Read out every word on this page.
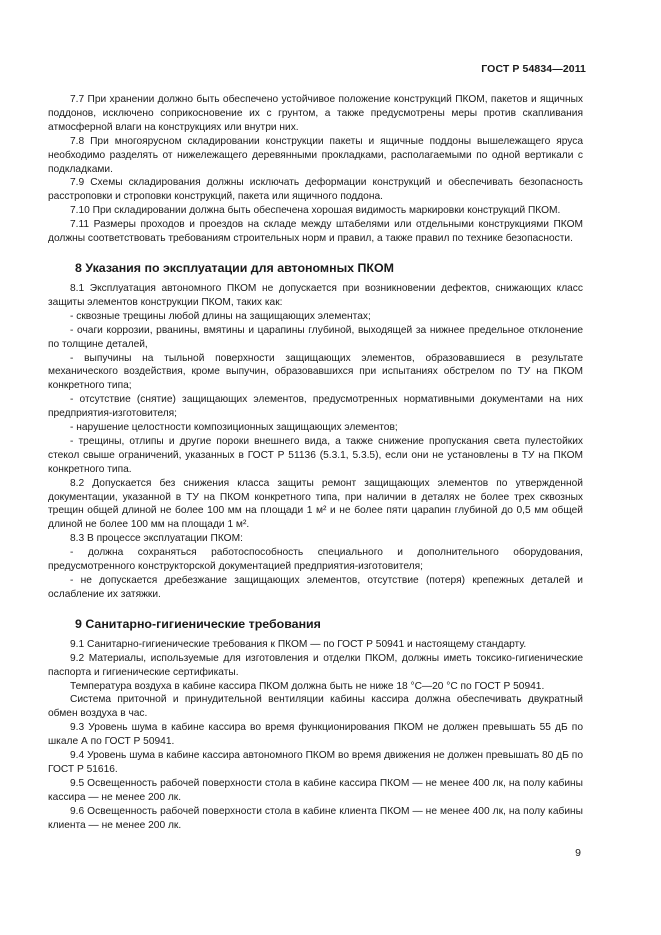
ГОСТ Р 54834—2011

7.7 При хранении должно быть обеспечено устойчивое положение конструкций ПКОМ, пакетов и ящичных поддонов, исключено соприкосновение их с грунтом, а также предусмотрены меры против скапливания атмосферной влаги на конструкциях или внутри них.

7.8 При многоярусном складировании конструкции пакеты и ящичные поддоны вышележащего яруса необходимо разделять от нижележащего деревянными прокладками, располагаемыми по одной вертикали с подкладками.

7.9 Схемы складирования должны исключать деформации конструкций и обеспечивать безопасность расстроповки и строповки конструкций, пакета или ящичного поддона.

7.10 При складировании должна быть обеспечена хорошая видимость маркировки конструкций ПКОМ.

7.11 Размеры проходов и проездов на складе между штабелями или отдельными конструкциями ПКОМ должны соответствовать требованиям строительных норм и правил, а также правил по технике безопасности.

8 Указания по эксплуатации для автономных ПКОМ

8.1 Эксплуатация автономного ПКОМ не допускается при возникновении дефектов, снижающих класс защиты элементов конструкции ПКОМ, таких как:

- сквозные трещины любой длины на защищающих элементах;

- очаги коррозии, рванины, вмятины и царапины глубиной, выходящей за нижнее предельное отклонение по толщине деталей,

- выпучины на тыльной поверхности защищающих элементов, образовавшиеся в результате механического воздействия, кроме выпучин, образовавшихся при испытаниях обстрелом по ТУ на ПКОМ конкретного типа;

- отсутствие (снятие) защищающих элементов, предусмотренных нормативными документами на них предприятия-изготовителя;

- нарушение целостности композиционных защищающих элементов;

- трещины, отлипы и другие пороки внешнего вида, а также снижение пропускания света пулестойких стекол свыше ограничений, указанных в ГОСТ Р 51136 (5.3.1, 5.3.5), если они не установлены в ТУ на ПКОМ конкретного типа.

8.2 Допускается без снижения класса защиты ремонт защищающих элементов по утвержденной документации, указанной в ТУ на ПКОМ конкретного типа, при наличии в деталях не более трех сквозных трещин общей длиной не более 100 мм на площади 1 м² и не более пяти царапин глубиной до 0,5 мм общей длиной не более 100 мм на площади 1 м².

8.3 В процессе эксплуатации ПКОМ:

- должна сохраняться работоспособность специального и дополнительного оборудования, предусмотренного конструкторской документацией предприятия-изготовителя;

- не допускается дребезжание защищающих элементов, отсутствие (потеря) крепежных деталей и ослабление их затяжки.

9 Санитарно-гигиенические требования

9.1 Санитарно-гигиенические требования к ПКОМ — по ГОСТ Р 50941 и настоящему стандарту.

9.2 Материалы, используемые для изготовления и отделки ПКОМ, должны иметь токсико-гигиенические паспорта и гигиенические сертификаты.

Температура воздуха в кабине кассира ПКОМ должна быть не ниже 18 °С—20 °С по ГОСТ Р 50941.

Система приточной и принудительной вентиляции кабины кассира должна обеспечивать двукратный обмен воздуха в час.

9.3 Уровень шума в кабине кассира во время функционирования ПКОМ не должен превышать 55 дБ по шкале А по ГОСТ Р 50941.

9.4 Уровень шума в кабине кассира автономного ПКОМ во время движения не должен превышать 80 дБ по ГОСТ Р 51616.

9.5 Освещенность рабочей поверхности стола в кабине кассира ПКОМ — не менее 400 лк, на полу кабины кассира — не менее 200 лк.

9.6 Освещенность рабочей поверхности стола в кабине клиента ПКОМ — не менее 400 лк, на полу кабины клиента — не менее 200 лк.

9
